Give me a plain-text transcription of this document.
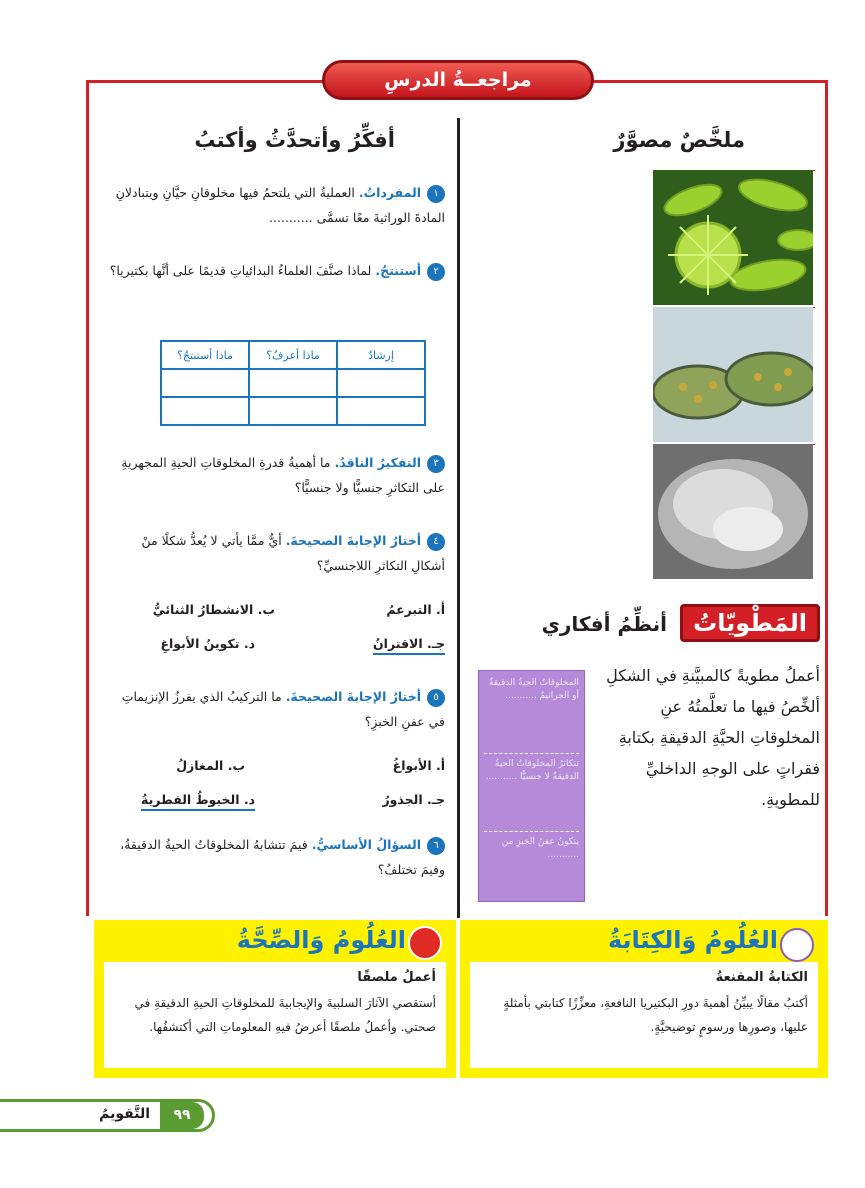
مراجعــةُ الدرسِ
ملخَّصٌ مصوَّرٌ
أفكِّرُ وأتحدَّثُ وأكتبُ
١المفرداتُ. العمليةُ التي يلتحمُ فيها مخلوقانِ حيَّانِ ويتبادلانِ المادةَ الوراثيةَ معًا تسمَّى ...........
٢أستنتجُ. لماذا صنَّفَ العلماءُ البدائياتِ قديمًا على أنَّها بكتيريا؟
إرشادٌ	ماذا أعرفُ؟	ماذا أستنتجُ؟

٣التفكيرُ الناقدُ. ما أهميةُ قدرةِ المخلوقاتِ الحيةِ المجهريةِ على التكاثرِ جنسيًّا ولا جنسيًّا؟
٤أختارُ الإجابةَ الصحيحةَ. أيٌّ ممَّا يأتي لا يُعدُّ شكلًا منْ أشكالِ التكاثرِ اللاجنسيِّ؟
أ. التبرعمُ
ب. الانشطارُ الثنائيُّ
جـ. الاقترانُ
د. تكوينُ الأبواغِ
٥أختارُ الإجابةَ الصحيحةَ. ما التركيبُ الذي يفرزُ الإنزيماتِ في عفنِ الخبزِ؟
أ. الأبواغُ
ب. المغازلُ
جـ. الجذورُ
د. الخيوطُ الفطريةُ
٦السؤالُ الأساسيُّ. فيمَ تتشابهُ المخلوقاتُ الحيةُ الدقيقةُ، وفيمَ تختلفُ؟
المَطْويّاتُ أنظِّمُ أفكاري
أعملُ مطويةً كالمبيَّنةِ في الشكلِ ألخِّصُ فيها ما تعلَّمتُهُ عنِ المخلوقاتِ الحيَّةِ الدقيقةِ بكتابةِ فقراتٍ على الوجهِ الداخليِّ للمطويةِ.
المخلوقاتُ الحيةُ الدقيقةُ أو الجراثيمُ ...........
تتكاثرُ المخلوقاتُ الحيةُ الدقيقةُ لا جنسيًّا ...........
يتكونُ عفنُ الخبزِ من ...........
العُلُومُ وَالكِتَابَةُ
الكتابةُ المقنعةُ
أكتبُ مقالًا يبيِّنُ أهميةَ دورِ البكتيريا النافعةِ، معزِّزًا كتابتي بأمثلةٍ عليها، وصورِها ورسومٍ توضيحيَّةٍ.
العُلُومُ وَالصِّحَّةُ
أعملُ ملصقًا
أستقصي الآثارَ السلبيةَ والإيجابيةَ للمخلوقاتِ الحيةِ الدقيقةِ في صحتي. وأعملُ ملصقًا أعرضُ فيهِ المعلوماتِ التي أكتشفُها.
٩٩
التَّقويمُ
